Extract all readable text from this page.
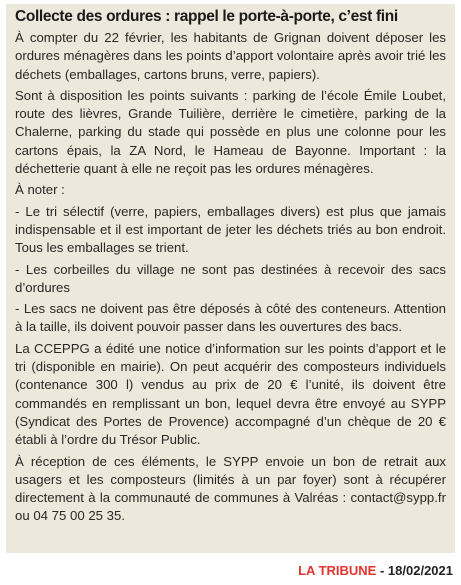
Collecte des ordures : rappel le porte-à-porte, c’est fini

À compter du 22 février, les habitants de Grignan doivent déposer les ordures ménagères dans les points d’apport volontaire après avoir trié les déchets (emballages, cartons bruns, verre, papiers).

Sont à disposition les points suivants : parking de l’école Émile Loubet, route des lièvres, Grande Tuilière, derrière le cimetière, parking de la Chalerne, parking du stade qui possède en plus une colonne pour les cartons épais, la ZA Nord, le Hameau de Bayonne. Important : la déchetterie quant à elle ne reçoit pas les ordures ménagères.

À noter :

- Le tri sélectif (verre, papiers, emballages divers) est plus que jamais indispensable et il est important de jeter les déchets triés au bon endroit. Tous les emballages se trient.

- Les corbeilles du village ne sont pas destinées à recevoir des sacs d’ordures

- Les sacs ne doivent pas être déposés à côté des conteneurs. Attention à la taille, ils doivent pouvoir passer dans les ouvertures des bacs.

La CCEPPG a édité une notice d’information sur les points d’apport et le tri (disponible en mairie). On peut acquérir des composteurs individuels (contenance 300 l) vendus au prix de 20 € l’unité, ils doivent être commandés en remplissant un bon, lequel devra être envoyé au SYPP (Syndicat des Portes de Provence) accompagné d’un chèque de 20 € établi à l’ordre du Trésor Public.

À réception de ces éléments, le SYPP envoie un bon de retrait aux usagers et les composteurs (limités à un par foyer) sont à récupérer directement à la communauté de communes à Valréas : contact@sypp.fr ou 04 75 00 25 35.

LA TRIBUNE - 18/02/2021
